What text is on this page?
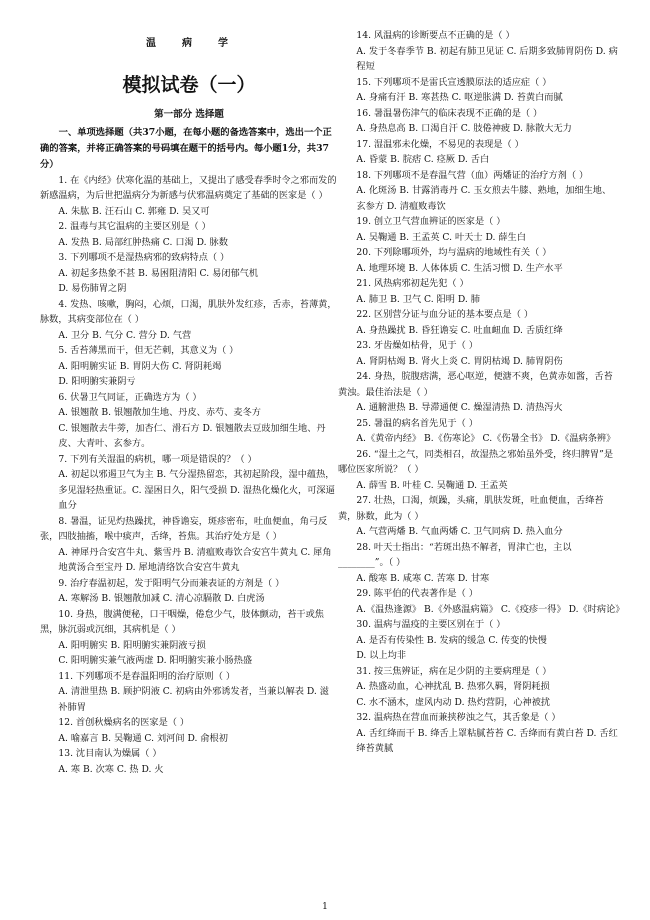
温病学
模拟试卷（一）
第一部分 选择题
一、单项选择题（共37小题，在每小题的备选答案中，选出一个正确的答案，并将正确答案的号码填在题干的括号内。每小题1分，共37分）

1. 在《内经》伏寒化温的基础上，又提出了感受春季时令之邪而发的新感温病，为后世把温病分为新感与伏邪温病奠定了基础的医家是（ ）

A. 朱肱 B. 汪石山 C. 郭雍 D. 吴又可

2. 温毒与其它温病的主要区别是（ ）

A. 发热 B. 局部红肿热痛 C. 口渴 D. 脉数

3. 下列哪项不是湿热病邪的致病特点（ ）

A. 初起多热象不甚 B. 易困阻清阳 C. 易闭郁气机

D. 易伤肺胃之阴

4. 发热、咳嗽，胸闷，心烦，口渴，肌肤外发红疹，舌赤，苔薄黄，脉数，其病变部位在（ ）

A. 卫分 B. 气分 C. 营分 D. 气营

5. 舌苔薄黑而干，但无芒刺，其意义为（ ）

A. 阳明腑实证 B. 胃阴大伤 C. 肾阴耗竭

D. 阳明腑实兼阴亏

6. 伏暑卫气同证，正确选方为（ ）

A. 银翘散 B. 银翘散加生地、丹皮、赤芍、麦冬方

C. 银翘散去牛蒡，加杏仁、滑石方 D. 银翘散去豆豉加细生地、丹皮、大青叶、玄参方。

7. 下列有关湿温的病机，哪一项是错误的？（ ）

A. 初起以邪遏卫气为主 B. 气分湿热留恋，其初起阶段，湿中蕴热，多见湿轻热重证。C. 湿困日久，阳气受损 D. 湿热化燥化火，可深逼血分

8. 暑温，证见灼热躁扰，神昏谵妄，斑疹密布，吐血便血，角弓反张，四肢抽搐，喉中痰声，舌绛，苔焦。其治疗处方是（ ）

A. 神犀丹合安宫牛丸、紫雪丹 B. 清瘟败毒饮合安宫牛黄丸 C. 犀角地黄汤合至宝丹 D. 犀地清络饮合安宫牛黄丸

9. 治疗春温初起，发于阳明气分而兼表证的方剂是（ ）

A. 寒解汤 B. 银翘散加减 C. 清心凉膈散 D. 白虎汤

10. 身热，腹满便秘，口干咽燥，倦怠少气，肢体颤动，苔干或焦黑，脉沉弱或沉细，其病机是（ ）

A. 阳明腑实 B. 阳明腑实兼阴液亏损

C. 阳明腑实兼气液两虚 D. 阳明腑实兼小肠热盛

11. 下列哪项不是春温阳明的治疗原则（ ）

A. 清泄里热 B. 顾护阴液 C. 初病由外邪诱发者，当兼以解表 D. 滋补肺胃

12. 首创秋燥病名的医家是（ ）

A. 喻嘉言 B. 吴鞠通 C. 刘河间 D. 俞根初

13. 沈目南认为燥属（ ）

A. 寒 B. 次寒 C. 热 D. 火

14. 风温病的诊断要点不正确的是（ ）

A. 发于冬春季节 B. 初起有肺卫见证 C. 后期多致肺胃阴伤 D. 病程短

15. 下列哪项不是雷氏宣透膜原法的适应症（ ）

A. 身痛有汗 B. 寒甚热 C. 呕逆胀满 D. 苔黄白而腻

16. 暑温暑伤津气的临床表现不正确的是（ ）

A. 身热息高 B. 口渴自汗 C. 肢倦神疲 D. 脉散大无力

17. 湿温邪未化燥，不易见的表现是（ ）

A. 昏蒙 B. 脘痞 C. 痉厥 D. 舌白

18. 下列哪项不是春温气营（血）两燔证的治疗方剂（ ）

A. 化斑汤 B. 甘露消毒丹 C. 玉女煎去牛膝、熟地，加细生地、玄参方 D. 清瘟败毒饮

19. 创立卫气营血辨证的医家是（ ）

A. 吴鞠通 B. 王孟英 C. 叶天士 D. 薛生白

20. 下列除哪项外，均与温病的地域性有关（ ）

A. 地理环境 B. 人体体质 C. 生活习惯 D. 生产水平

21. 风热病邪初起先犯（ ）

A. 肺卫 B. 卫气 C. 阳明 D. 肺

22. 区别营分证与血分证的基本要点是（ ）

A. 身热躁扰 B. 昏狂谵妄 C. 吐血衄血 D. 舌质红绛

23. 牙齿燥如枯骨，见于（ ）

A. 肾阴枯竭 B. 肾火上炎 C. 胃阴枯竭 D. 肺胃阴伤

24. 身热，脘腹痞满，恶心呕逆，便溏不爽，色黄赤如酱，舌苔黄浊。最佳治法是（ ）

A. 通腑泄热 B. 导滞通便 C. 燥湿清热 D. 清热泻火

25. 暑温的病名首先见于（ ）

A.《黄帝内经》 B.《伤寒论》 C.《伤暑全书》 D.《温病条辨》

26. “湿土之气，同类相召，故湿热之邪始虽外受，终归脾胃”是哪位医家所说？（ ）

A. 薛雪 B. 叶桂 C. 吴鞠通 D. 王孟英

27. 壮热，口渴，烦躁，头痛，肌肤发斑，吐血便血，舌绛苔黄，脉数，此为（ ）

A. 气营两燔 B. 气血两燔 C. 卫气同病 D. 热入血分

28. 叶天士指出：“若斑出热不解者，胃津亡也，主以________”。（ ）

A. 酸寒 B. 咸寒 C. 苦寒 D. 甘寒

29. 陈平伯的代表著作是（ ）

A.《温热逢源》 B.《外感温病篇》 C.《疫疹一得》 D.《时病论》

30. 温病与温疫的主要区别在于（ ）

A. 是否有传染性 B. 发病的缓急 C. 传变的快慢

D. 以上均非

31. 按三焦辨证，病在足少阴的主要病理是（ ）

A. 热盛动血，心神扰乱 B. 热邪久羁，肾阴耗损

C. 水不涵木，虚风内动 D. 热灼营阴，心神被扰

32. 温病热在营血而兼挟秽浊之气，其舌象是（ ）

A. 舌红绛而干 B. 绛舌上罩粘腻苔苔 C. 舌绛而有黄白苔 D. 舌红绛苔黄腻

1
